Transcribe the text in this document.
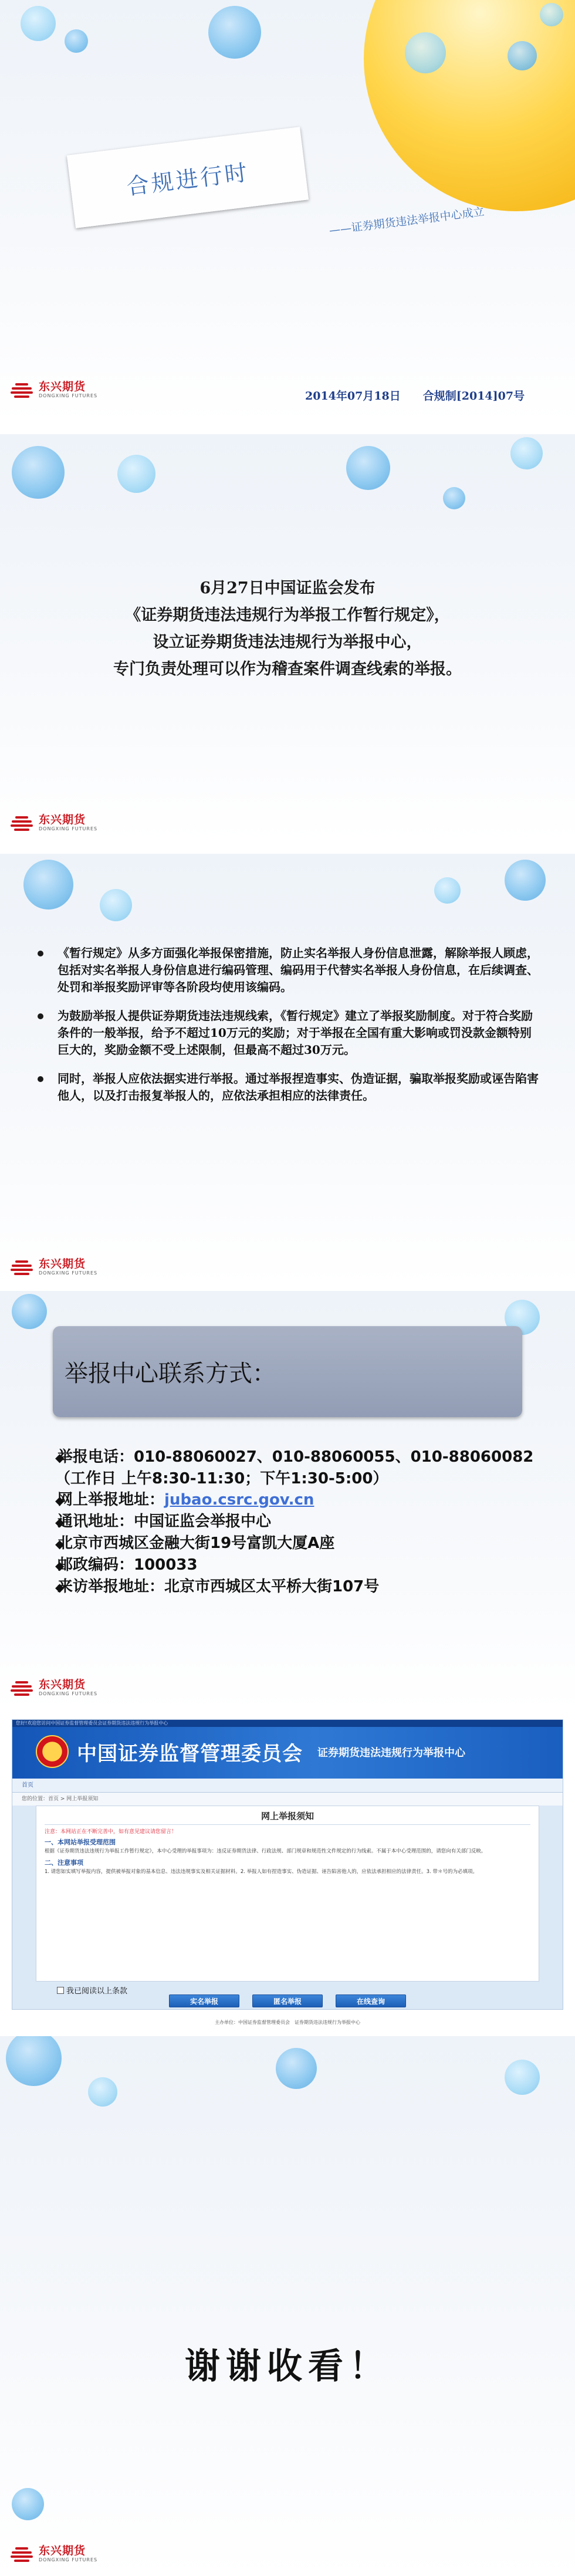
合规进行时
——证券期货违法举报中心成立
东兴期货
DONGXING FUTURES	2014年07月18日　　合规制[2014]07号
6月27日中国证监会发布
《证券期货违法违规行为举报工作暂行规定》，
设立证券期货违法违规行为举报中心，
专门负责处理可以作为稽查案件调查线索的举报。
东兴期货
DONGXING FUTURES
《暂行规定》从多方面强化举报保密措施，防止实名举报人身份信息泄露，解除举报人顾虑，包括对实名举报人身份信息进行编码管理、编码用于代替实名举报人身份信息，在后续调查、处罚和举报奖励评审等各阶段均使用该编码。
为鼓励举报人提供证券期货违法违规线索，《暂行规定》建立了举报奖励制度。对于符合奖励条件的一般举报，给予不超过10万元的奖励；对于举报在全国有重大影响或罚没款金额特别巨大的，奖励金额不受上述限制，但最高不超过30万元。
同时，举报人应依法据实进行举报。通过举报捏造事实、伪造证据，骗取举报奖励或诬告陷害他人，以及打击报复举报人的，应依法承担相应的法律责任。
东兴期货
DONGXING FUTURES
举报中心联系方式：
举报电话：010-88060027、010-88060055、010-88060082（工作日 上午8:30-11:30；下午1:30-5:00）
网上举报地址：jubao.csrc.gov.cn
通讯地址：中国证监会举报中心
北京市西城区金融大街19号富凯大厦A座
邮政编码：100033
来访举报地址：北京市西城区太平桥大街107号
东兴期货
DONGXING FUTURES
您好!欢迎您访问中国证券监督管理委员会证券期货违法违规行为举报中心
中国证券监督管理委员会 证券期货违法违规行为举报中心
首页
您的位置：首页 > 网上举报须知
网上举报须知
注意：本网站正在不断完善中，如有意见建议请您留言！
一、本网站举报受理范围
根据《证券期货违法违规行为举报工作暂行规定》，本中心受理的举报事项为：违反证券期货法律、行政法规、部门规章和规范性文件规定的行为线索。不属于本中心受理范围的，请您向有关部门反映。
二、注意事项
1. 请您如实填写举报内容，提供被举报对象的基本信息、违法违规事实及相关证据材料。2. 举报人如有捏造事实、伪造证据、诬告陷害他人的，应依法承担相应的法律责任。3. 带＊号的为必填项。
我已阅读以上条款
实名举报	匿名举报	在线查询
主办单位：中国证券监督管理委员会　证券期货违法违规行为举报中心
谢谢收看！
东兴期货
DONGXING FUTURES
